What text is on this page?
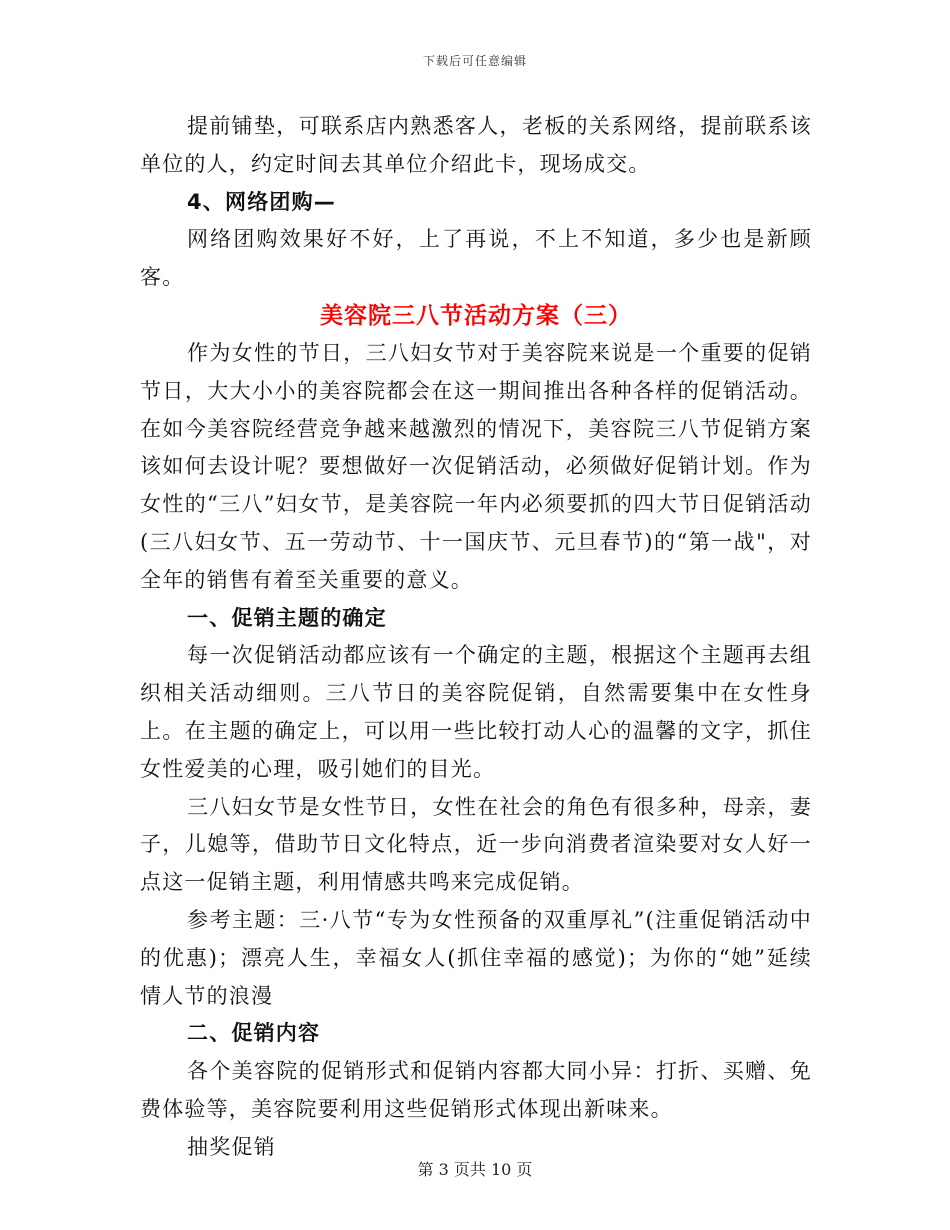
下载后可任意编辑

提前铺垫，可联系店内熟悉客人，老板的关系网络，提前联系该单位的人，约定时间去其单位介绍此卡，现场成交。

4、网络团购—

网络团购效果好不好，上了再说，不上不知道，多少也是新顾客。

美容院三八节活动方案（三）

作为女性的节日，三八妇女节对于美容院来说是一个重要的促销节日，大大小小的美容院都会在这一期间推出各种各样的促销活动。在如今美容院经营竞争越来越激烈的情况下，美容院三八节促销方案该如何去设计呢？要想做好一次促销活动，必须做好促销计划。作为女性的“三八”妇女节，是美容院一年内必须要抓的四大节日促销活动(三八妇女节、五一劳动节、十一国庆节、元旦春节)的“第一战"，对全年的销售有着至关重要的意义。

一、促销主题的确定

每一次促销活动都应该有一个确定的主题，根据这个主题再去组织相关活动细则。三八节日的美容院促销，自然需要集中在女性身上。在主题的确定上，可以用一些比较打动人心的温馨的文字，抓住女性爱美的心理，吸引她们的目光。

三八妇女节是女性节日，女性在社会的角色有很多种，母亲，妻子，儿媳等，借助节日文化特点，近一步向消费者渲染要对女人好一点这一促销主题，利用情感共鸣来完成促销。

参考主题：三·八节“专为女性预备的双重厚礼”(注重促销活动中的优惠)；漂亮人生，幸福女人(抓住幸福的感觉)；为你的“她”延续情人节的浪漫

二、促销内容

各个美容院的促销形式和促销内容都大同小异：打折、买赠、免费体验等，美容院要利用这些促销形式体现出新味来。

抽奖促销

第 3 页共 10 页
